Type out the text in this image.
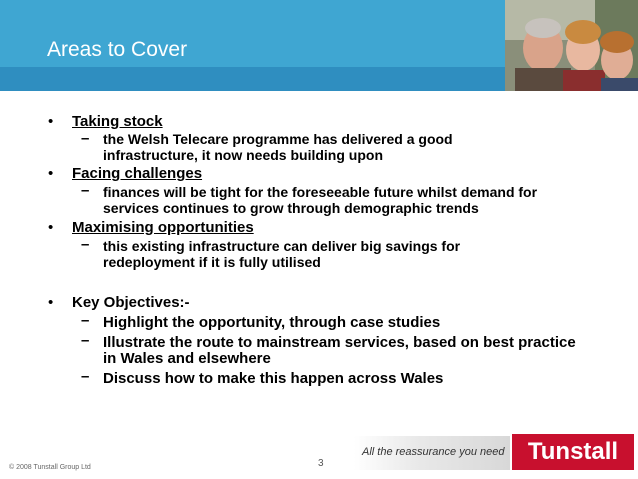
Areas to Cover
• Taking stock
– the Welsh Telecare programme has delivered a good
infrastructure, it now needs building upon
• Facing challenges
– finances will be tight for the foreseeable future whilst demand for
services continues to grow through demographic trends
• Maximising opportunities
– this existing infrastructure can deliver big savings for
redeployment if it is fully utilised
• Key Objectives:-
– Highlight the opportunity, through case studies
– Illustrate the route to mainstream services, based on best practice
in Wales and elsewhere
– Discuss how to make this happen across Wales
3
© 2008 Tunstall Group Ltd
All the reassurance you need Tunstall
